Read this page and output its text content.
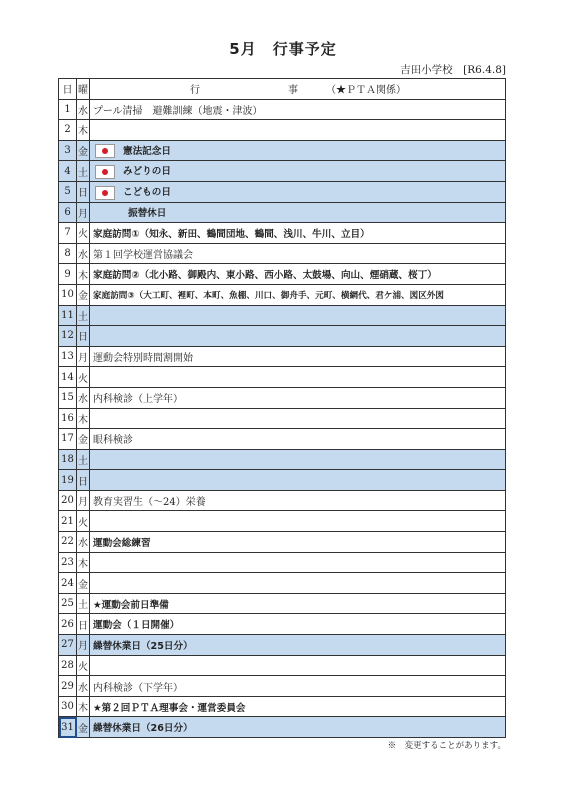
5月　行事予定
吉田小学校　[R6.4.8]
日	曜	行 事 （★ＰＴＡ関係）
1	水	プール清掃　避難訓練（地震・津波）
2	木	
3	金	憲法記念日
4	土	みどりの日
5	日	こどもの日
6	月	振替休日
7	火	家庭訪問①（知永、新田、鶴間団地、鶴間、浅川、牛川、立目）
8	水	第１回学校運営協議会
9	木	家庭訪問②（北小路、御殿内、東小路、西小路、太鼓場、向山、煙硝蔵、桜丁）
10	金	家庭訪問③（大工町、裡町、本町、魚棚、川口、御舟手、元町、横網代、君ケ浦、図区外図
11	土	
12	日	
13	月	運動会特別時間割開始
14	火	
15	水	内科検診（上学年）
16	木	
17	金	眼科検診
18	土	
19	日	
20	月	教育実習生（～24）栄養
21	火	
22	水	運動会総練習
23	木	
24	金	
25	土	★運動会前日準備
26	日	運動会（１日開催）
27	月	繰替休業日（25日分）
28	火	
29	水	内科検診（下学年）
30	木	★第２回ＰＴＡ理事会・運営委員会
31	金	繰替休業日（26日分）
※　変更することがあります。
